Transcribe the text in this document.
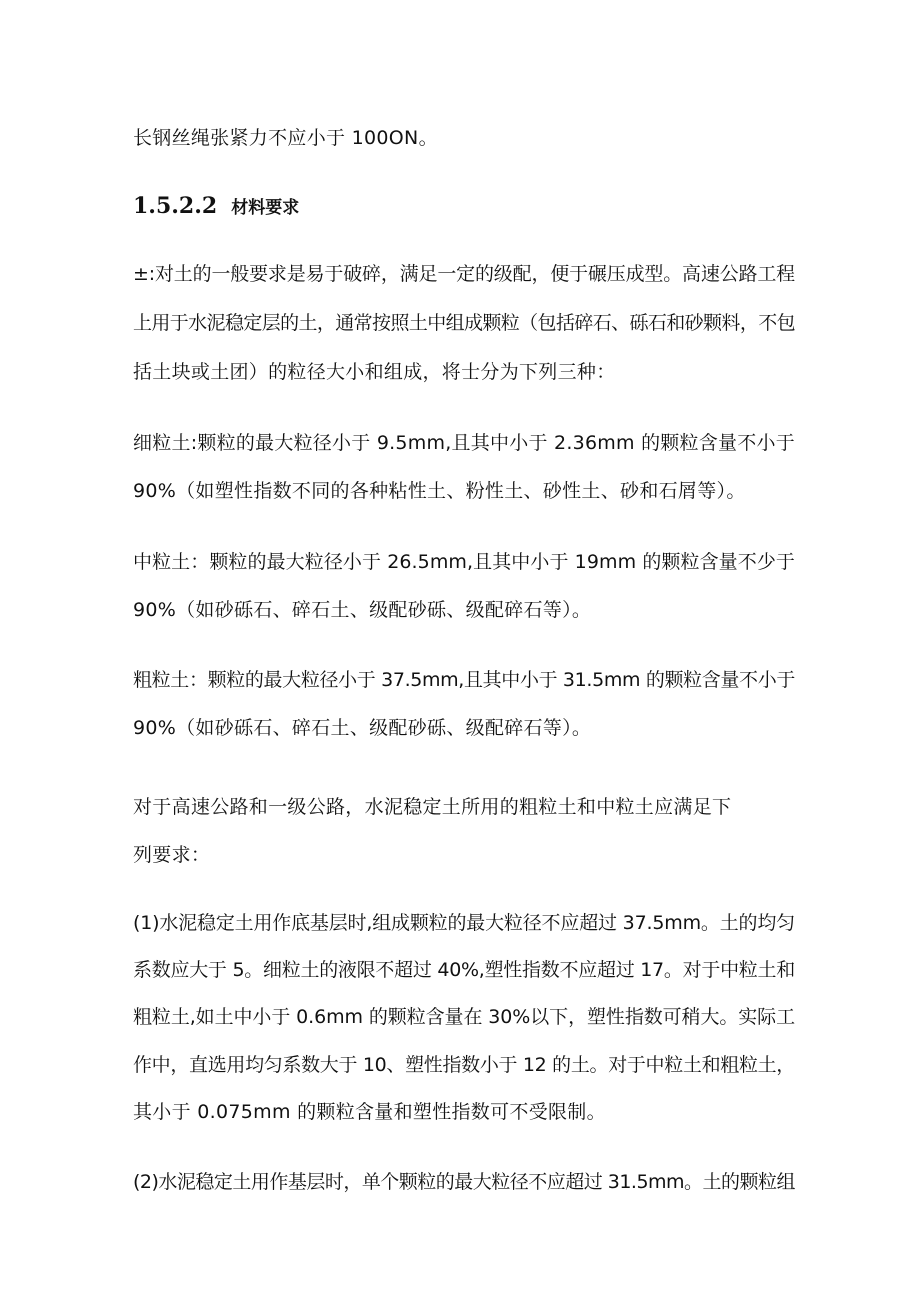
长钢丝绳张紧力不应小于 100ON。
1.5.2.2 材料要求
±:对土的一般要求是易于破碎，满足一定的级配，便于碾压成型。高速公路工程
上用于水泥稳定层的土，通常按照土中组成颗粒（包括碎石、砾石和砂颗料，不包
括土块或土团）的粒径大小和组成，将士分为下列三种：
细粒土:颗粒的最大粒径小于 9.5mm,且其中小于 2.36mm 的颗粒含量不小于
90%（如塑性指数不同的各种粘性土、粉性土、砂性土、砂和石屑等）。
中粒土：颗粒的最大粒径小于 26.5mm,且其中小于 19mm 的颗粒含量不少于
90%（如砂砾石、碎石土、级配砂砾、级配碎石等）。
粗粒土：颗粒的最大粒径小于 37.5mm,且其中小于 31.5mm 的颗粒含量不小于
90%（如砂砾石、碎石土、级配砂砾、级配碎石等）。
对于高速公路和一级公路，水泥稳定土所用的粗粒土和中粒土应满足下
列要求：
(1)水泥稳定土用作底基层时,组成颗粒的最大粒径不应超过 37.5mm。土的均匀
系数应大于 5。细粒土的液限不超过 40%,塑性指数不应超过 17。对于中粒土和
粗粒土,如土中小于 0.6mm 的颗粒含量在 30%以下，塑性指数可稍大。实际工
作中，直选用均匀系数大于 10、塑性指数小于 12 的土。对于中粒土和粗粒土，
其小于 0.075mm 的颗粒含量和塑性指数可不受限制。
(2)水泥稳定土用作基层时，单个颗粒的最大粒径不应超过 31.5mm。土的颗粒组
